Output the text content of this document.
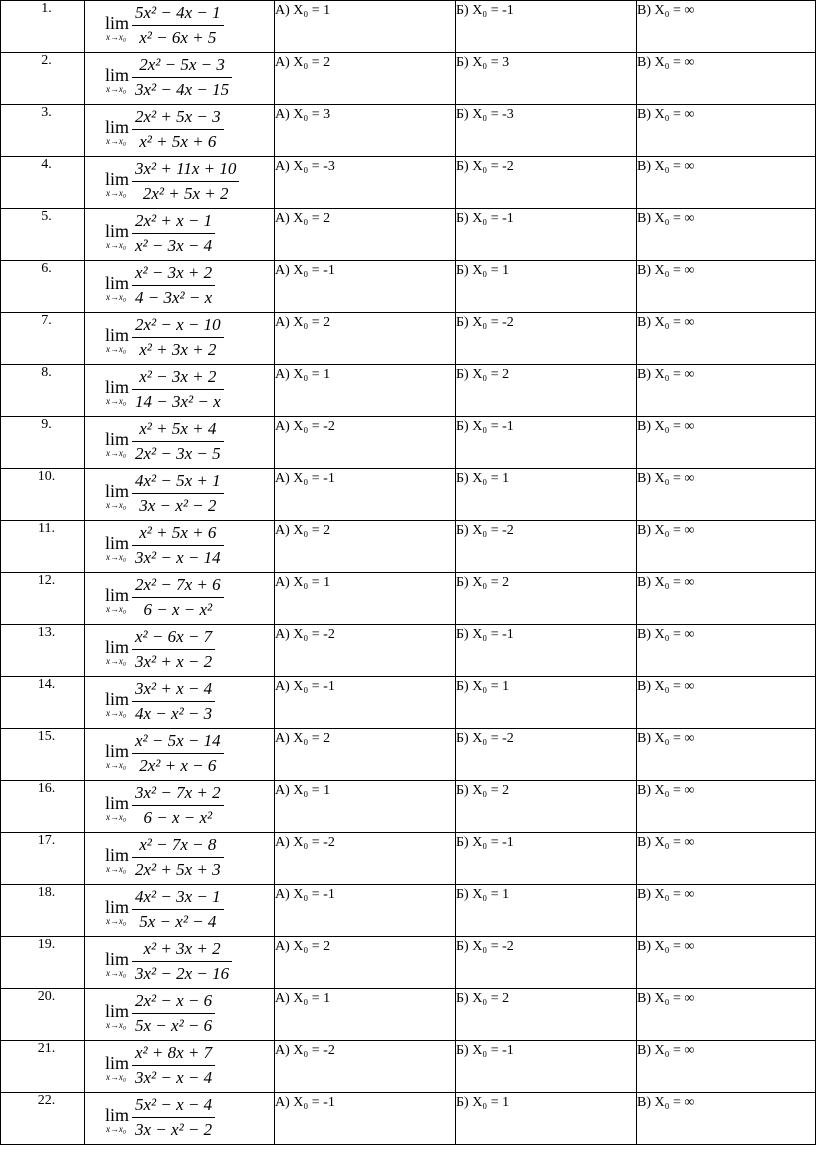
1.	lim
x→x₀
5x² − 4x − 1
x² − 6x + 5	А) X₀ = 1	Б) X₀ = -1	В) X₀ = ∞
2.	lim
x→x₀
2x² − 5x − 3
3x² − 4x − 15	А) X₀ = 2	Б) X₀ = 3	В) X₀ = ∞
3.	lim
x→x₀
2x² + 5x − 3
x² + 5x + 6	А) X₀ = 3	Б) X₀ = -3	В) X₀ = ∞
4.	lim
x→x₀
3x² + 11x + 10
2x² + 5x + 2	А) X₀ = -3	Б) X₀ = -2	В) X₀ = ∞
5.	lim
x→x₀
2x² + x − 1
x² − 3x − 4	А) X₀ = 2	Б) X₀ = -1	В) X₀ = ∞
6.	lim
x→x₀
x² − 3x + 2
4 − 3x² − x	А) X₀ = -1	Б) X₀ = 1	В) X₀ = ∞
7.	lim
x→x₀
2x² − x − 10
x² + 3x + 2	А) X₀ = 2	Б) X₀ = -2	В) X₀ = ∞
8.	lim
x→x₀
x² − 3x + 2
14 − 3x² − x	А) X₀ = 1	Б) X₀ = 2	В) X₀ = ∞
9.	lim
x→x₀
x² + 5x + 4
2x² − 3x − 5	А) X₀ = -2	Б) X₀ = -1	В) X₀ = ∞
10.	lim
x→x₀
4x² − 5x + 1
3x − x² − 2	А) X₀ = -1	Б) X₀ = 1	В) X₀ = ∞
11.	lim
x→x₀
x² + 5x + 6
3x² − x − 14	А) X₀ = 2	Б) X₀ = -2	В) X₀ = ∞
12.	lim
x→x₀
2x² − 7x + 6
6 − x − x²	А) X₀ = 1	Б) X₀ = 2	В) X₀ = ∞
13.	lim
x→x₀
x² − 6x − 7
3x² + x − 2	А) X₀ = -2	Б) X₀ = -1	В) X₀ = ∞
14.	lim
x→x₀
3x² + x − 4
4x − x² − 3	А) X₀ = -1	Б) X₀ = 1	В) X₀ = ∞
15.	lim
x→x₀
x² − 5x − 14
2x² + x − 6	А) X₀ = 2	Б) X₀ = -2	В) X₀ = ∞
16.	lim
x→x₀
3x² − 7x + 2
6 − x − x²	А) X₀ = 1	Б) X₀ = 2	В) X₀ = ∞
17.	lim
x→x₀
x² − 7x − 8
2x² + 5x + 3	А) X₀ = -2	Б) X₀ = -1	В) X₀ = ∞
18.	lim
x→x₀
4x² − 3x − 1
5x − x² − 4	А) X₀ = -1	Б) X₀ = 1	В) X₀ = ∞
19.	lim
x→x₀
x² + 3x + 2
3x² − 2x − 16	А) X₀ = 2	Б) X₀ = -2	В) X₀ = ∞
20.	lim
x→x₀
2x² − x − 6
5x − x² − 6	А) X₀ = 1	Б) X₀ = 2	В) X₀ = ∞
21.	lim
x→x₀
x² + 8x + 7
3x² − x − 4	А) X₀ = -2	Б) X₀ = -1	В) X₀ = ∞
22.	lim
x→x₀
5x² − x − 4
3x − x² − 2	А) X₀ = -1	Б) X₀ = 1	В) X₀ = ∞
